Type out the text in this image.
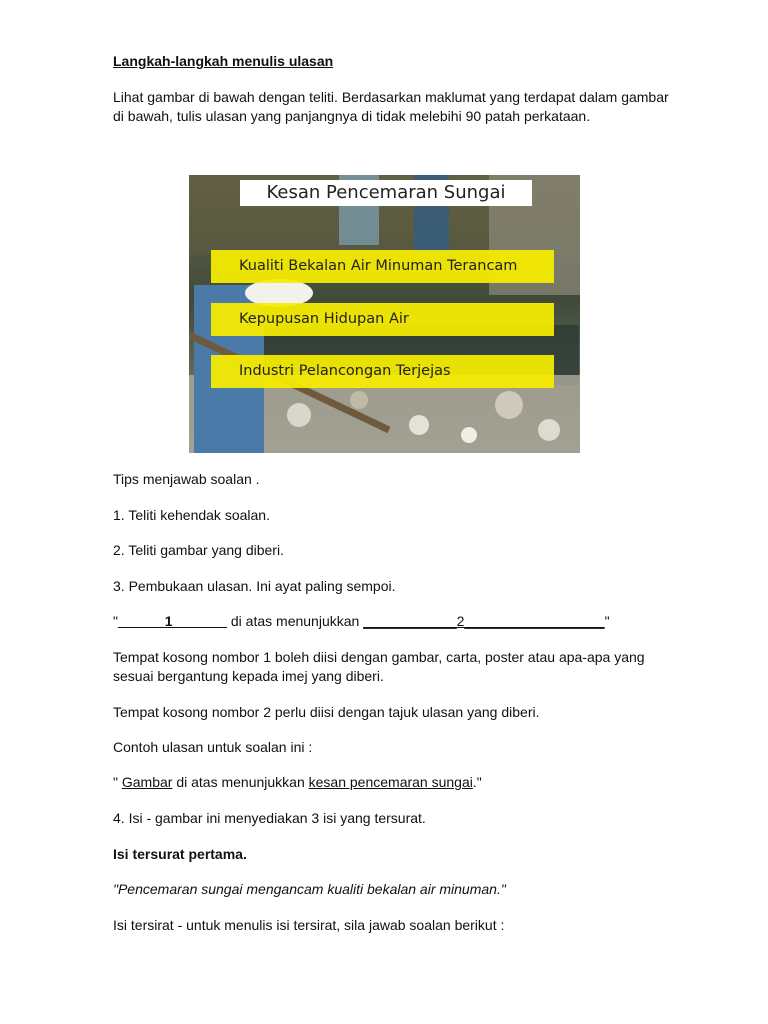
Langkah-langkah menulis ulasan
Lihat gambar di bawah dengan teliti. Berdasarkan maklumat yang terdapat dalam gambar di bawah, tulis ulasan yang panjangnya di tidak melebihi 90 patah perkataan.
Kesan Pencemaran Sungai
Kualiti Bekalan Air Minuman Terancam
Kepupusan Hidupan Air
Industri Pelancongan Terjejas
Tips menjawab soalan .
1. Teliti kehendak soalan.
2. Teliti gambar yang diberi.
3. Pembukaan ulasan. Ini ayat paling sempoi.
"______1_______ di atas menunjukkan ____________2__________________"
Tempat kosong nombor 1 boleh diisi dengan gambar, carta, poster atau apa-apa yang sesuai bergantung kepada imej yang diberi.
Tempat kosong nombor 2 perlu diisi dengan tajuk ulasan yang diberi.
Contoh ulasan untuk soalan ini :
" Gambar di atas menunjukkan kesan pencemaran sungai."
4. Isi - gambar ini menyediakan 3 isi yang tersurat.
Isi tersurat pertama.
"Pencemaran sungai mengancam kualiti bekalan air minuman."
Isi tersirat - untuk menulis isi tersirat, sila jawab soalan berikut :
